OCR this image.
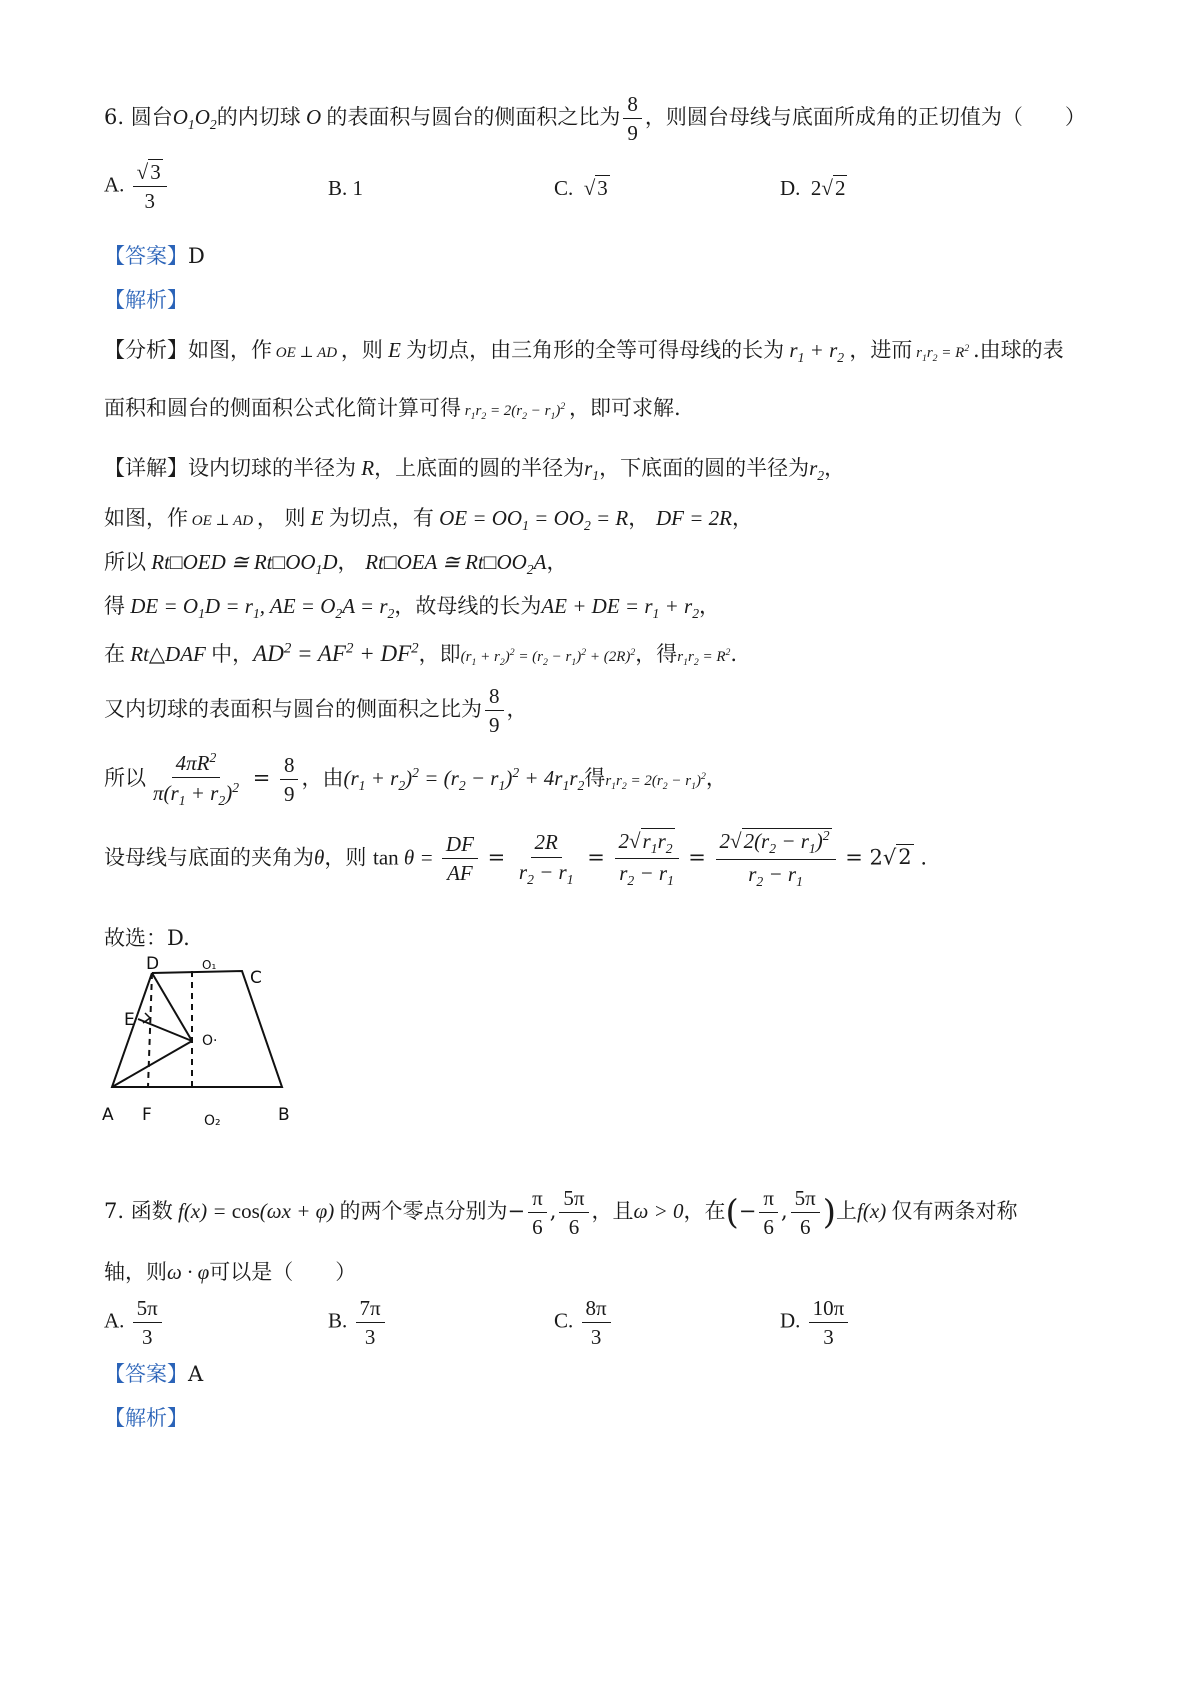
6. 圆台$O_1O_2$的内切球 O 的表面积与圆台的侧面积之比为 $\frac{8}{9}$ ，则圆台母线与底面所成角的正切值为（　　）
A. $\frac{√3}{3}$	B. 1	C.  √3	D.  2√2
【答案】D
【解析】
【分析】如图，作 OE ⊥ AD ，则 E 为切点，由三角形的全等可得母线的长为 $r_1 + r_2$ ，进而 $r_1r_2 = R^2$ .由球的表
面积和圆台的侧面积公式化简计算可得 $r_1r_2 = 2(r_2 - r_1)^2$ ，即可求解.
【详解】设内切球的半径为 R，上底面的圆的半径为$r_1$，下底面的圆的半径为$r_2$，
如图，作 OE ⊥ AD ， 则 E 为切点，有 OE = $OO_1 = OO_2 = R$， DF = 2R，
所以 Rt□OED ≅ $Rt□OO_1D$， Rt□OEA ≅ $Rt□OO_2A$，
得 DE = $O_1D = r_1$, AE = $O_2A = r_2$，故母线的长为AE + DE = $r_1 + r_2$，
在 Rt△DAF 中，$AD^2 = AF^2 + DF^2$，即$(r_1 + r_2)^2 = (r_2 - r_1)^2 + (2R)^2$，得$r_1r_2 = R^2$.
又内切球的表面积与圆台的侧面积之比为 $\frac{8}{9}$ ，
所以 $\frac{4\pi R^2}{\pi(r_1 + r_2)^2} = \frac{8}{9}$ ，由$(r_1 + r_2)^2 = (r_2 - r_1)^2 + 4r_1r_2$得$r_1r_2 = 2(r_2 - r_1)^2$，
设母线与底面的夹角为θ，则 $\tan \theta = \frac{DF}{AF} = \frac{2R}{r_2 - r_1} = \frac{2√r_1r_2}{r_2 - r_1} = \frac{2√2(r_2 - r_1)^2}{r_2 - r_1} = 2√2$ .
故选：D.
D	O₁
C
E
O·
A F	O₂	B
7. 函数 f(x) = cos(ωx + φ) 的两个零点分别为− $\frac{\pi}{6}$ , $\frac{5\pi}{6}$ ，且ω > 0，在(− $\frac{\pi}{6}$ , $\frac{5\pi}{6}$ )上f(x) 仅有两条对称
轴，则ω · φ可以是（　　）
A. $\frac{5\pi}{3}$	B. $\frac{7\pi}{3}$	C. $\frac{8\pi}{3}$	D. $\frac{10\pi}{3}$
【答案】A
【解析】
